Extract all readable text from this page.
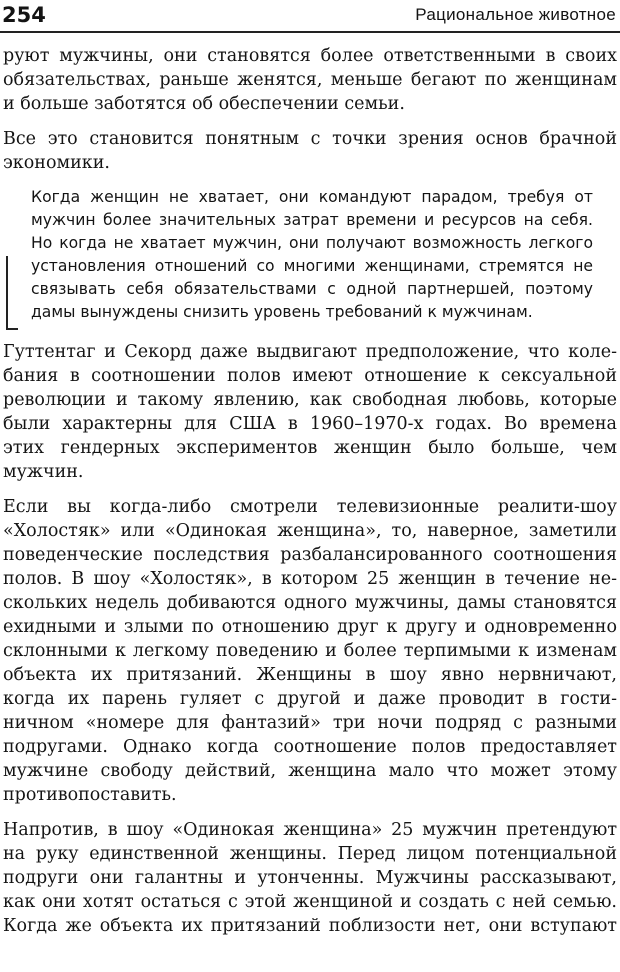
254	Рациональное животное

руют мужчины, они становятся более ответственными в своих
обязательствах, раньше женятся, меньше бегают по женщинам
и больше заботятся об обеспечении семьи.

Все это становится понятным с точки зрения основ брачной
экономики.

Когда женщин не хватает, они командуют парадом, требуя от
мужчин более значительных затрат времени и ресурсов на себя.
Но когда не хватает мужчин, они получают возможность легкого
установления отношений со многими женщинами, стремятся не
связывать себя обязательствами с одной партнершей, поэтому
дамы вынуждены снизить уровень требований к мужчинам.

Гуттентаг и Секорд даже выдвигают предположение, что коле-
бания в соотношении полов имеют отношение к сексуальной
революции и такому явлению, как свободная любовь, которые
были характерны для США в 1960–1970-х годах. Во времена
этих гендерных экспериментов женщин было больше, чем
мужчин.

Если вы когда-либо смотрели телевизионные реалити-шоу
«Холостяк» или «Одинокая женщина», то, наверное, заметили
поведенческие последствия разбалансированного соотношения
полов. В шоу «Холостяк», в котором 25 женщин в течение не-
скольких недель добиваются одного мужчины, дамы становятся
ехидными и злыми по отношению друг к другу и одновременно
склонными к легкому поведению и более терпимыми к изменам
объекта их притязаний. Женщины в шоу явно нервничают,
когда их парень гуляет с другой и даже проводит в гости-
ничном «номере для фантазий» три ночи подряд с разными
подругами. Однако когда соотношение полов предоставляет
мужчине свободу действий, женщина мало что может этому
противопоставить.

Напротив, в шоу «Одинокая женщина» 25 мужчин претендуют
на руку единственной женщины. Перед лицом потенциальной
подруги они галантны и утонченны. Мужчины рассказывают,
как они хотят остаться с этой женщиной и создать с ней семью.
Когда же объекта их притязаний поблизости нет, они вступают
